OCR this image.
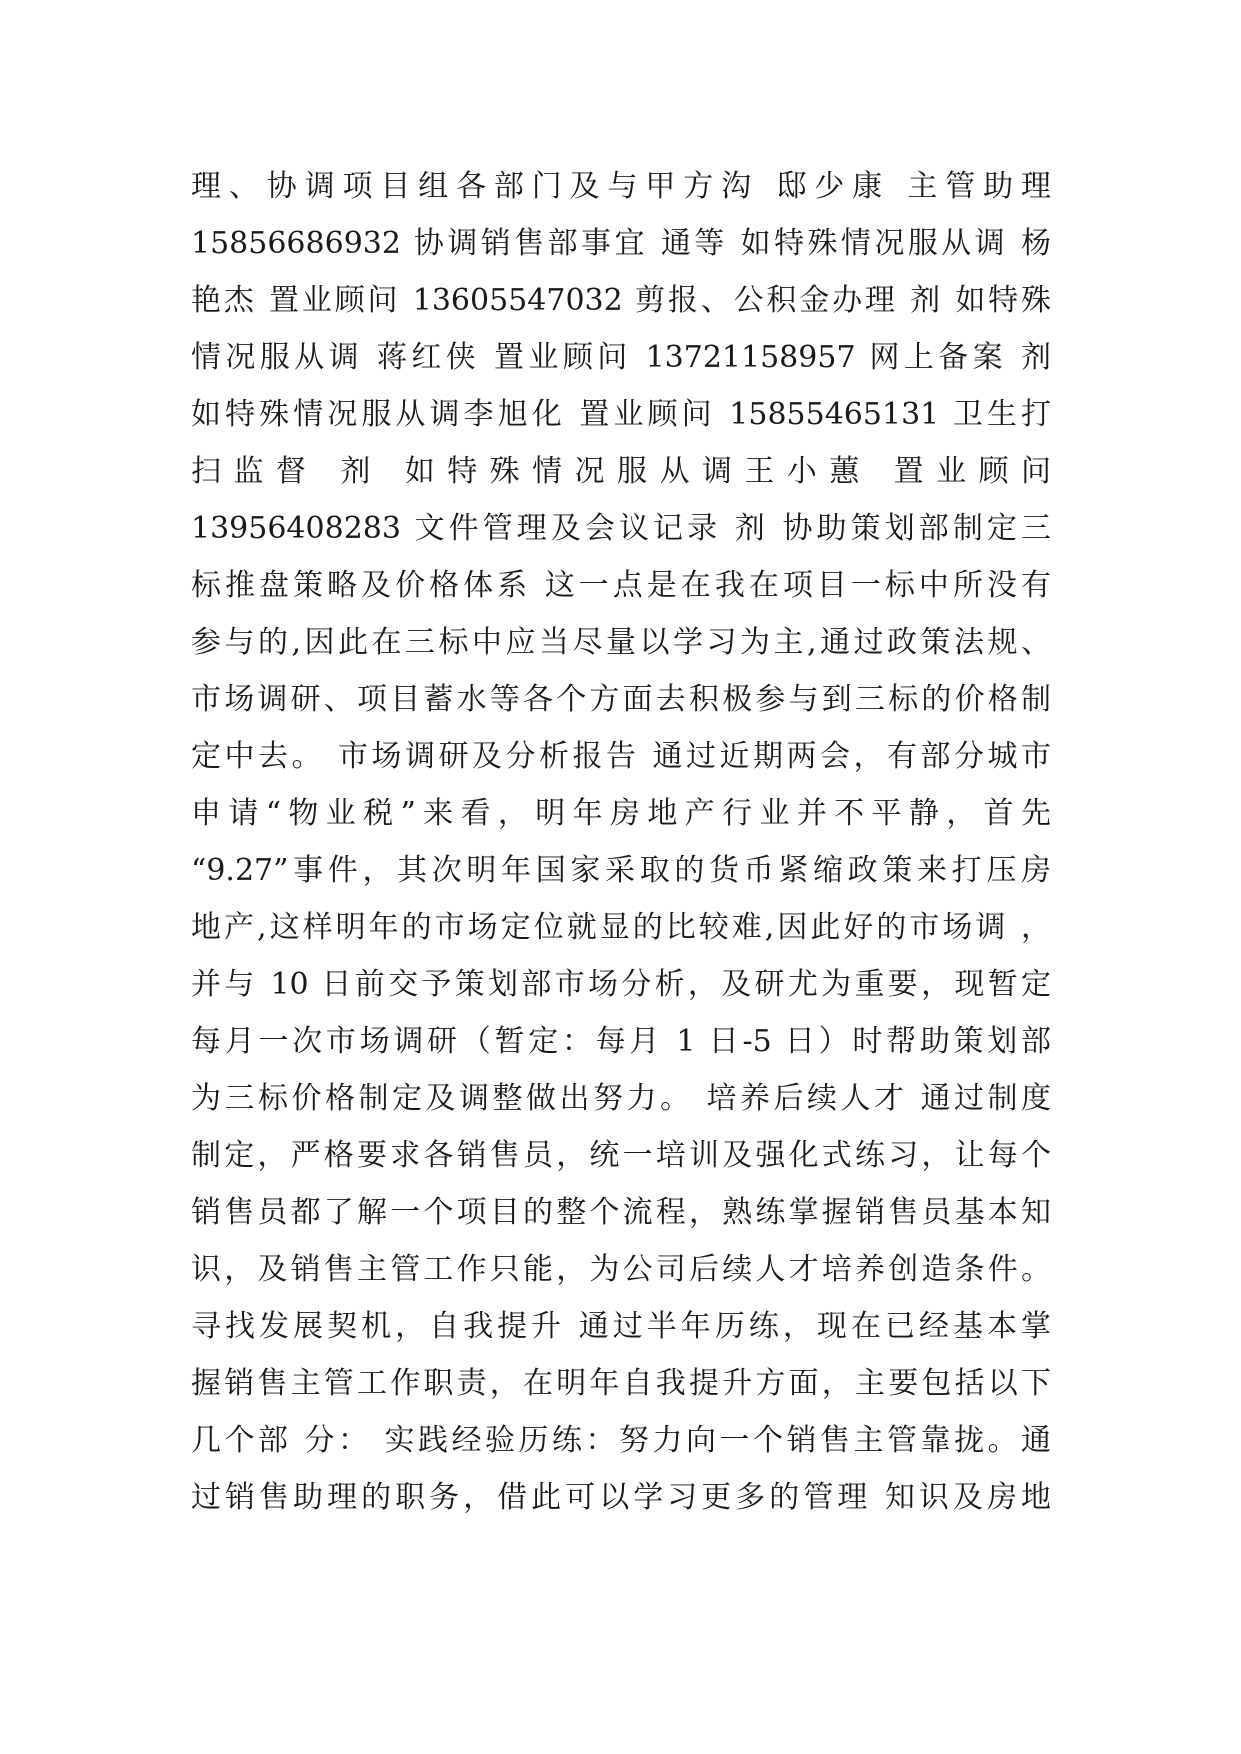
理、协调项目组各部门及与甲方沟 邸少康 主管助理
15856686932 协调销售部事宜 通等 如特殊情况服从调 杨
艳杰 置业顾问 13605547032 剪报、公积金办理 剂 如特殊
情况服从调 蒋红侠 置业顾问 13721158957 网上备案 剂
如特殊情况服从调李旭化 置业顾问 15855465131 卫生打
扫监督 剂 如特殊情况服从调王小蕙 置业顾问
13956408283 文件管理及会议记录 剂 协助策划部制定三
标推盘策略及价格体系 这一点是在我在项目一标中所没有
参与的,因此在三标中应当尽量以学习为主,通过政策法规、
市场调研、项目蓄水等各个方面去积极参与到三标的价格制
定中去。 市场调研及分析报告 通过近期两会，有部分城市
申请“物业税”来看，明年房地产行业并不平静，首先
“9.27”事件，其次明年国家采取的货币紧缩政策来打压房
地产,这样明年的市场定位就显的比较难,因此好的市场调 ，
并与 10 日前交予策划部市场分析，及研尤为重要，现暂定
每月一次市场调研（暂定：每月 1 日-5 日）时帮助策划部
为三标价格制定及调整做出努力。 培养后续人才 通过制度
制定，严格要求各销售员，统一培训及强化式练习，让每个
销售员都了解一个项目的整个流程，熟练掌握销售员基本知
识，及销售主管工作只能，为公司后续人才培养创造条件。
寻找发展契机，自我提升 通过半年历练，现在已经基本掌
握销售主管工作职责，在明年自我提升方面，主要包括以下
几个部 分： 实践经验历练：努力向一个销售主管靠拢。通
过销售助理的职务，借此可以学习更多的管理 知识及房地
